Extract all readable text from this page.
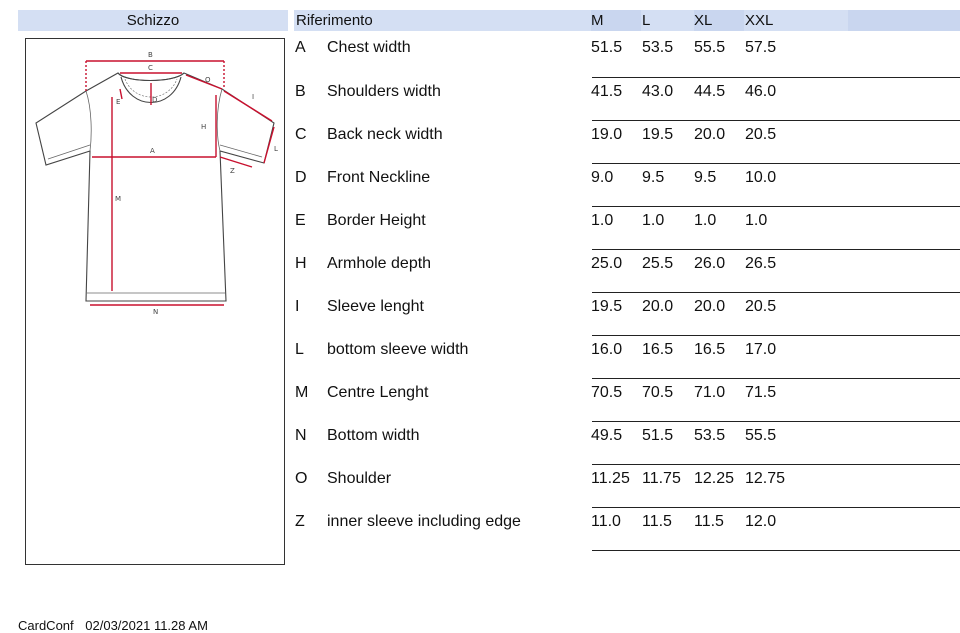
Schizzo	Riferimento	M	L	XL XXL
B
C
O
E	D	I
H
A	L
Z
M
N
A Chest width	51.5 53.5 55.5 57.5
B Shoulders width	41.5 43.0 44.5 46.0
C Back neck width	19.0 19.5 20.0 20.5
D Front Neckline	9.0 9.5 9.5 10.0
E Border Height	1.0 1.0 1.0 1.0
H Armhole depth	25.0 25.5 26.0 26.5
I Sleeve lenght	19.5 20.0 20.0 20.5
L bottom sleeve width	16.0 16.5 16.5 17.0
M Centre Lenght	70.5 70.5 71.0 71.5
N Bottom width	49.5 51.5 53.5 55.5
O Shoulder	11.25 11.75 12.25 12.75
Z inner sleeve including edge	11.0 11.5 11.5 12.0
CardConf 02/03/2021 11.28 AM
